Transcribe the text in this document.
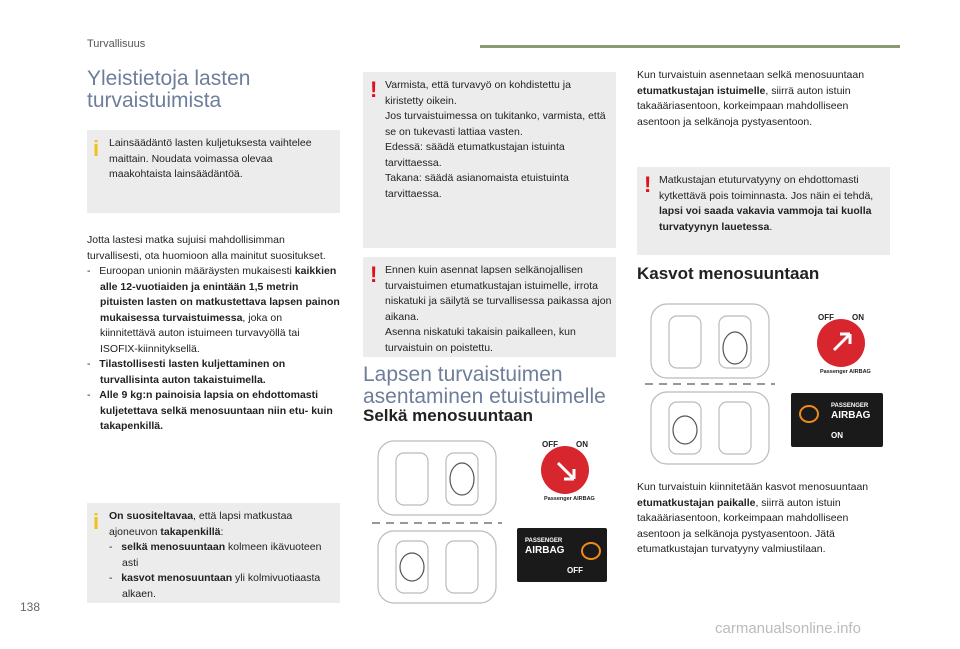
Turvallisuus
Yleistietoja lasten
turvaistuimista
i Lainsäädäntö lasten kuljetuksesta vaihtelee maittain. Noudata voimassa olevaa maakohtaista lainsäädäntöä.
Jotta lastesi matka sujuisi mahdollisimman turvallisesti, ota huomioon alla mainitut suositukset.
- Euroopan unionin määräysten mukaisesti kaikkien alle 12-vuotiaiden ja enintään 1,5 metrin pituisten lasten on matkustettava lapsen painon mukaisessa turvaistuimessa, joka on kiinnitettävä auton istuimeen turvavyöllä tai ISOFIX-kiinnityksellä.
- Tilastollisesti lasten kuljettaminen on turvallisinta auton takaistuimella.
- Alle 9 kg:n painoisia lapsia on ehdottomasti kuljetettava selkä menosuuntaan niin etu- kuin takapenkillä.
i On suositeltavaa, että lapsi matkustaa ajoneuvon takapenkillä:
- selkä menosuuntaan kolmeen ikävuoteen asti
- kasvot menosuuntaan yli kolmivuotiaasta alkaen.
! Varmista, että turvavyö on kohdistettu ja kiristetty oikein.
Jos turvaistuimessa on tukitanko, varmista, että se on tukevasti lattiaa vasten.
Edessä: säädä etumatkustajan istuinta tarvittaessa.
Takana: säädä asianomaista etuistuinta tarvittaessa.
! Ennen kuin asennat lapsen selkänojallisen turvaistuimen etumatkustajan istuimelle, irrota niskatuki ja säilytä se turvallisessa paikassa ajon aikana.
Asenna niskatuki takaisin paikalleen, kun turvaistuin on poistettu.
Lapsen turvaistuimen
asentaminen etuistuimelle
Selkä menosuuntaan
OFF ON
Passenger AIRBAG
PASSENGER
AIRBAG
OFF
Kun turvaistuin asennetaan selkä menosuuntaan etumatkustajan istuimelle, siirrä auton istuin takaääriasentoon, korkeimpaan mahdolliseen asentoon ja selkänoja pystyasentoon.
! Matkustajan etuturvatyyny on ehdottomasti kytkettävä pois toiminnasta. Jos näin ei tehdä, lapsi voi saada vakavia vammoja tai kuolla turvatyynyn lauetessa.
Kasvot menosuuntaan
OFF ON
Passenger AIRBAG
PASSENGER
AIRBAG
ON
Kun turvaistuin kiinnitetään kasvot menosuuntaan etumatkustajan paikalle, siirrä auton istuin takaääriasentoon, korkeimpaan mahdolliseen asentoon ja selkänoja pystyasentoon. Jätä etumatkustajan turvatyyny valmiustilaan.
138
carmanualsonline.info
